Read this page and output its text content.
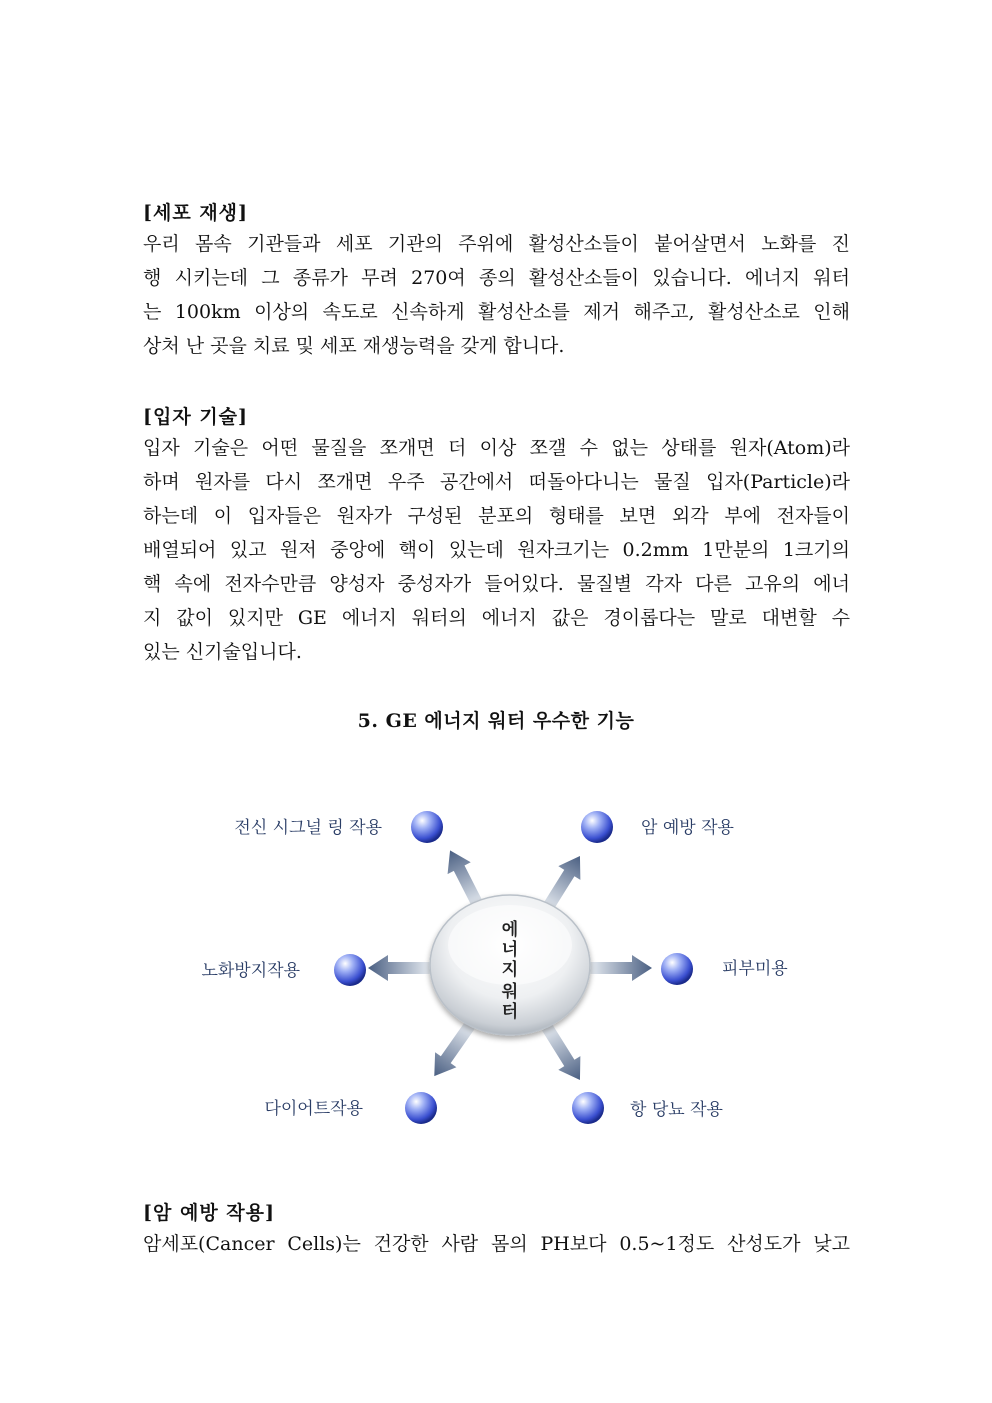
[세포 재생]
우리 몸속 기관들과 세포 기관의 주위에 활성산소들이 붙어살면서 노화를 진
행 시키는데 그 종류가 무려 270여 종의 활성산소들이 있습니다. 에너지 워터
는 100km 이상의 속도로 신속하게 활성산소를 제거 해주고, 활성산소로 인해
상처 난 곳을 치료 및 세포 재생능력을 갖게 합니다.
[입자 기술]
입자 기술은 어떤 물질을 쪼개면 더 이상 쪼갤 수 없는 상태를 원자(Atom)라
하며 원자를 다시 쪼개면 우주 공간에서 떠돌아다니는 물질 입자(Particle)라
하는데 이 입자들은 원자가 구성된 분포의 형태를 보면 외각 부에 전자들이
배열되어 있고 원저 중앙에 핵이 있는데 원자크기는 0.2mm 1만분의 1크기의
핵 속에 전자수만큼 양성자 중성자가 들어있다. 물질별 각자 다른 고유의 에너
지 값이 있지만 GE 에너지 워터의 에너지 값은 경이롭다는 말로 대변할 수
있는 신기술입니다.
5. GE 에너지 워터 우수한 기능
에
너
지
워
터
전신 시그널 링 작용	암 예방 작용
노화방지작용	피부미용
다이어트작용	항 당뇨 작용
[암 예방 작용]
암세포(Cancer Cells)는 건강한 사람 몸의 PH보다 0.5~1정도 산성도가 낮고
